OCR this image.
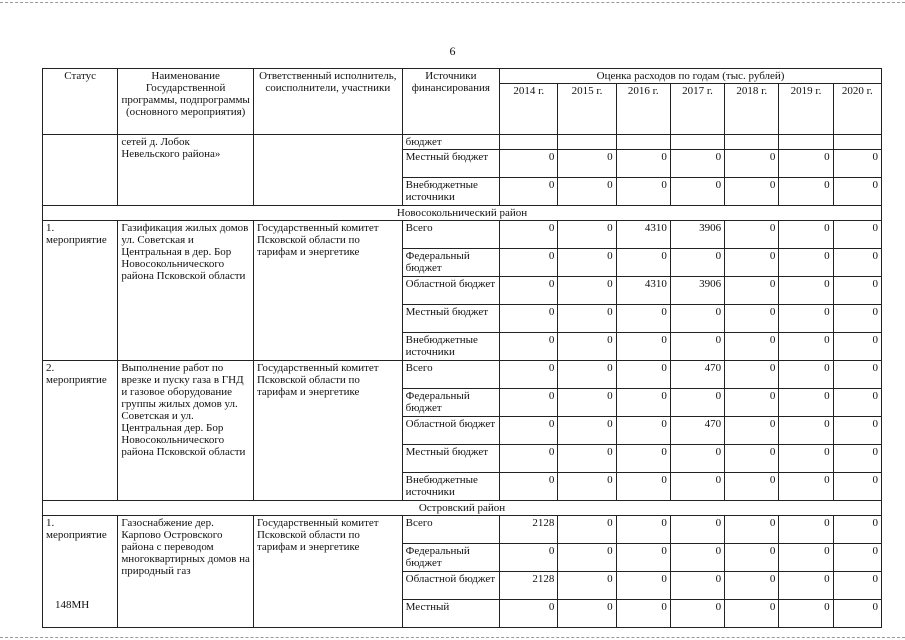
6
Статус	Наименование Государственной программы, подпрограммы (основного мероприятия)	Ответственный исполнитель, соисполнители, участники	Источники финансирования	Оценка расходов по годам (тыс. рублей)						
				2014 г.	2015 г.	2016 г.	2017 г.	2018 г.	2019 г.	2020 г.
	сетей д. Лобок Невельского района»		бюджет							
			Местный бюджет	0	0	0	0	0	0	0
			Внебюджетные источники	0	0	0	0	0	0	0
Новосокольнический район										
1. мероприятие	Газификация жилых домов ул. Советская и Центральная в дер. Бор Новосокольнического района Псковской области	Государственный комитет Псковской области по тарифам и энергетике	Всего	0	0	4310	3906	0	0	0
			Федеральный бюджет	0	0	0	0	0	0	0
			Областной бюджет	0	0	4310	3906	0	0	0
			Местный бюджет	0	0	0	0	0	0	0
			Внебюджетные источники	0	0	0	0	0	0	0
2. мероприятие	Выполнение работ по врезке и пуску газа в ГНД и газовое оборудование группы жилых домов ул. Советская и ул. Центральная дер. Бор Новосокольнического района Псковской области	Государственный комитет Псковской области по тарифам и энергетике	Всего	0	0	0	470	0	0	0
			Федеральный бюджет	0	0	0	0	0	0	0
			Областной бюджет	0	0	0	470	0	0	0
			Местный бюджет	0	0	0	0	0	0	0
			Внебюджетные источники	0	0	0	0	0	0	0
Островский район										
1. мероприятие	Газоснабжение дер. Карпово Островского района с переводом многоквартирных домов на природный газ	Государственный комитет Псковской области по тарифам и энергетике	Всего	2128	0	0	0	0	0	0
			Федеральный бюджет	0	0	0	0	0	0	0
			Областной бюджет	2128	0	0	0	0	0	0
			Местный	0	0	0	0	0	0	0
148МН
